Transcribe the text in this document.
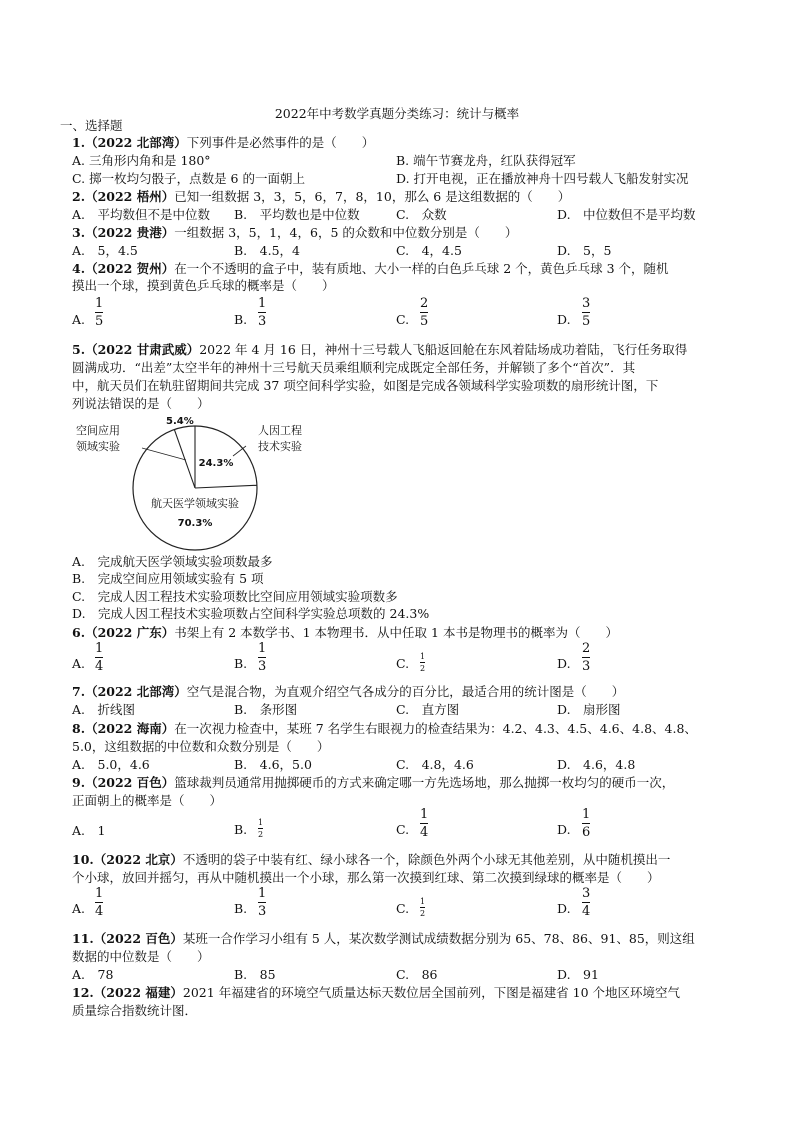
2022年中考数学真题分类练习：统计与概率
一、选择题
1.（2022 北部湾）下列事件是必然事件的是（　　）
A. 三角形内角和是 180°	B. 端午节赛龙舟，红队获得冠军
C. 掷一枚均匀骰子，点数是 6 的一面朝上	D. 打开电视，正在播放神舟十四号载人飞船发射实况
2.（2022 梧州）已知一组数据 3，3，5，6，7，8，10，那么 6 是这组数据的（　　）
A.　平均数但不是中位数 B.　平均数也是中位数	C.　众数	D.　中位数但不是平均数
3.（2022 贵港）一组数据 3，5，1，4，6，5 的众数和中位数分别是（　　）
A.　5，4.5	B.　4.5，4	C.　4，4.5	D.　5，5
4.（2022 贺州）在一个不透明的盒子中，装有质地、大小一样的白色乒乓球 2 个，黄色乒乓球 3 个，随机
摸出一个球，摸到黄色乒乓球的概率是（　　）
A.
1
5	B.
1
3	C.
2
5	D.
3
5
5.（2022 甘肃武威）2022 年 4 月 16 日，神州十三号载人飞船返回舱在东风着陆场成功着陆，飞行任务取得
圆满成功．“出差”太空半年的神州十三号航天员乘组顺利完成既定全部任务，并解锁了多个“首次”．其
中，航天员们在轨驻留期间共完成 37 项空间科学实验，如图是完成各领域科学实验项数的扇形统计图，下
列说法错误的是（　　）
5.4%
24.3%
航天医学领域实验
70.3%
空间应用
领域实验
人因工程
技术实验
A.　完成航天医学领域实验项数最多
B.　完成空间应用领域实验有 5 项
C.　完成人因工程技术实验项数比空间应用领域实验项数多
D.　完成人因工程技术实验项数占空间科学实验总项数的 24.3%
6.（2022 广东）书架上有 2 本数学书、1 本物理书．从中任取 1 本书是物理书的概率为（　　）
A.
1
4	B.
1
3	C. 1
2	D.
2
3
7.（2022 北部湾）空气是混合物，为直观介绍空气各成分的百分比，最适合用的统计图是（　　）
A.　折线图	B.　条形图	C.　直方图	D.　扇形图
8.（2022 海南）在一次视力检查中，某班 7 名学生右眼视力的检查结果为：4.2、4.3、4.5、4.6、4.8、4.8、
5.0，这组数据的中位数和众数分别是（　　）
A.　5.0，4.6	B.　4.6，5.0	C.　4.8，4.6	D.　4.6，4.8
9.（2022 百色）篮球裁判员通常用抛掷硬币的方式来确定哪一方先选场地，那么抛掷一枚均匀的硬币一次，
正面朝上的概率是（　　）
A.　1	B. 1
2	C.
1
4	D.
1
6
10.（2022 北京）不透明的袋子中装有红、绿小球各一个，除颜色外两个小球无其他差别，从中随机摸出一
个小球，放回并摇匀，再从中随机摸出一个小球，那么第一次摸到红球、第二次摸到绿球的概率是（　　）
A.
1
4	B.
1
3	C. 1
2	D.
3
4
11.（2022 百色）某班一合作学习小组有 5 人，某次数学测试成绩数据分别为 65、78、86、91、85，则这组
数据的中位数是（　　）
A.　78	B.　85	C.　86	D.　91
12.（2022 福建）2021 年福建省的环境空气质量达标天数位居全国前列，下图是福建省 10 个地区环境空气
质量综合指数统计图．
